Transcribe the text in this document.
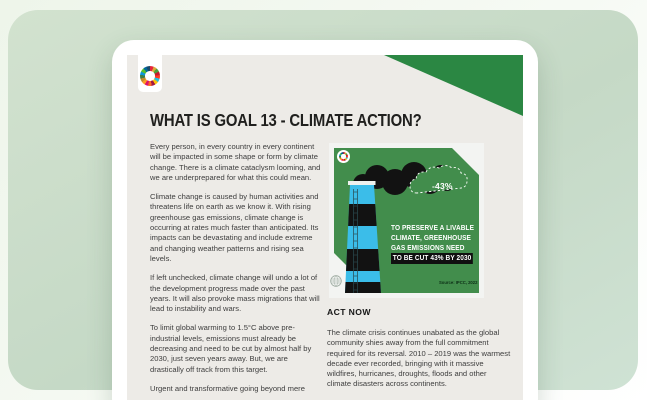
WHAT IS GOAL 13 - CLIMATE ACTION?

Every person, in every country in every continent will be impacted in some shape or form by climate change. There is a climate cataclysm looming, and we are underprepared for what this could mean.

Climate change is caused by human activities and threatens life on earth as we know it. With rising greenhouse gas emissions, climate change is occurring at rates much faster than anticipated. Its impacts can be devastating and include extreme and changing weather patterns and rising sea levels.

If left unchecked, climate change will undo a lot of the development progress made over the past years. It will also provoke mass migrations that will lead to instability and wars.

To limit global warming to 1.5°C above pre-industrial levels, emissions must already be decreasing and need to be cut by almost half by 2030, just seven years away. But, we are drastically off track from this target.

Urgent and transformative going beyond mere

-43%
TO PRESERVE A LIVABLE
CLIMATE, GREENHOUSE
GAS EMISSIONS NEED
TO BE CUT 43% BY 2030
Source: IPCC, 2022
ACT NOW

The climate crisis continues unabated as the global community shies away from the full commitment required for its reversal. 2010 – 2019 was the warmest decade ever recorded, bringing with it massive wildfires, hurricanes, droughts, floods and other climate disasters across continents.
